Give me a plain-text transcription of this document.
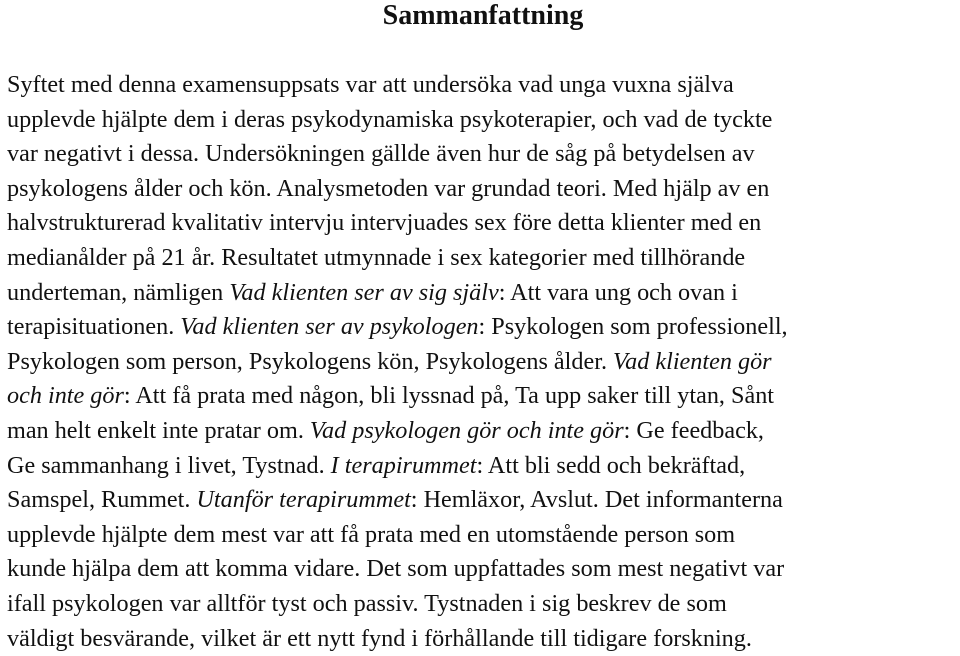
Sammanfattning

Syftet med denna examensuppsats var att undersöka vad unga vuxna själva
upplevde hjälpte dem i deras psykodynamiska psykoterapier, och vad de tyckte
var negativt i dessa. Undersökningen gällde även hur de såg på betydelsen av
psykologens ålder och kön. Analysmetoden var grundad teori. Med hjälp av en
halvstrukturerad kvalitativ intervju intervjuades sex före detta klienter med en
medianålder på 21 år. Resultatet utmynnade i sex kategorier med tillhörande
underteman, nämligen Vad klienten ser av sig själv: Att vara ung och ovan i
terapisituationen. Vad klienten ser av psykologen: Psykologen som professionell,
Psykologen som person, Psykologens kön, Psykologens ålder. Vad klienten gör
och inte gör: Att få prata med någon, bli lyssnad på, Ta upp saker till ytan, Sånt
man helt enkelt inte pratar om. Vad psykologen gör och inte gör: Ge feedback,
Ge sammanhang i livet, Tystnad. I terapirummet: Att bli sedd och bekräftad,
Samspel, Rummet. Utanför terapirummet: Hemläxor, Avslut. Det informanterna
upplevde hjälpte dem mest var att få prata med en utomstående person som
kunde hjälpa dem att komma vidare. Det som uppfattades som mest negativt var
ifall psykologen var alltför tyst och passiv. Tystnaden i sig beskrev de som
väldigt besvärande, vilket är ett nytt fynd i förhållande till tidigare forskning.
